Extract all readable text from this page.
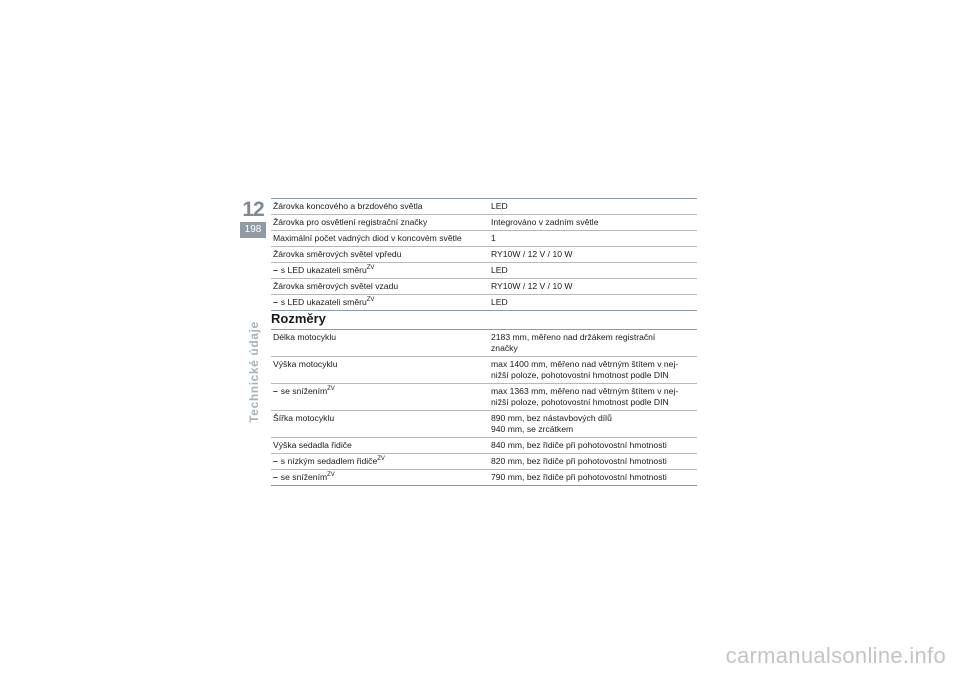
12
198
Technické údaje
Žárovka koncového a brzdového světla	LED
Žárovka pro osvětlení registrační značky	Integrováno v zadním světle
Maximální počet vadných diod v koncovém světle	1
Žárovka směrových světel vpředu	RY10W / 12 V / 10 W
– s LED ukazateli směru$^{ZV}$	LED
Žárovka směrových světel vzadu	RY10W / 12 V / 10 W
– s LED ukazateli směru$^{ZV}$	LED
Rozměry
Délka motocyklu	2183 mm, měřeno nad držákem registrační
značky

Výška motocyklu	max 1400 mm, měřeno nad větrným štítem v nej-
nižší poloze, pohotovostní hmotnost podle DIN

– se snížením$^{ZV}$	max 1363 mm, měřeno nad větrným štítem v nej-
nižší poloze, pohotovostní hmotnost podle DIN

Šířka motocyklu	890 mm, bez nástavbových dílů
940 mm, se zrcátkem

Výška sedadla řidiče	840 mm, bez řidiče při pohotovostní hmotnosti

– s nízkým sedadlem řidiče$^{ZV}$	820 mm, bez řidiče při pohotovostní hmotnosti

– se snížením$^{ZV}$	790 mm, bez řidiče při pohotovostní hmotnosti
carmanualsonline.info
